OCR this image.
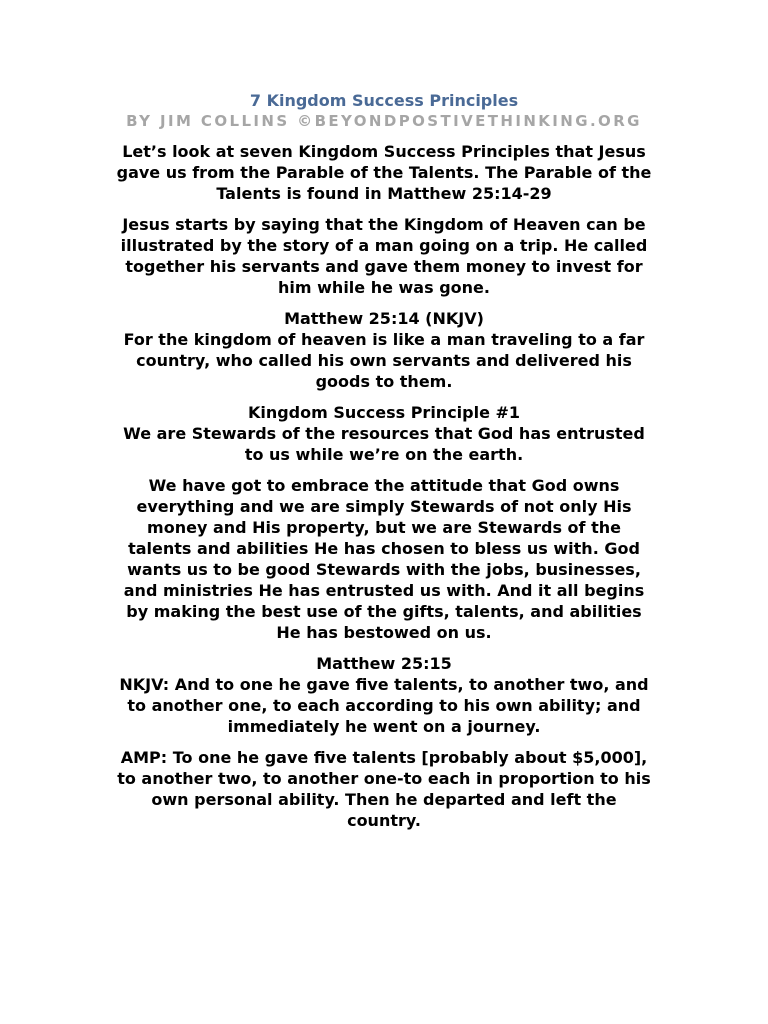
7 Kingdom Success Principles
BY JIM COLLINS ©BEYONDPOSTIVETHINKING.ORG
Let’s look at seven Kingdom Success Principles that Jesus
gave us from the Parable of the Talents. The Parable of the
Talents is found in Matthew 25:14-29
Jesus starts by saying that the Kingdom of Heaven can be
illustrated by the story of a man going on a trip. He called
together his servants and gave them money to invest for
him while he was gone.
Matthew 25:14 (NKJV)
For the kingdom of heaven is like a man traveling to a far
country, who called his own servants and delivered his
goods to them.
Kingdom Success Principle #1
We are Stewards of the resources that God has entrusted
to us while we’re on the earth.
We have got to embrace the attitude that God owns
everything and we are simply Stewards of not only His
money and His property, but we are Stewards of the
talents and abilities He has chosen to bless us with. God
wants us to be good Stewards with the jobs, businesses,
and ministries He has entrusted us with. And it all begins
by making the best use of the gifts, talents, and abilities
He has bestowed on us.
Matthew 25:15
NKJV: And to one he gave five talents, to another two, and
to another one, to each according to his own ability; and
immediately he went on a journey.
AMP: To one he gave five talents [probably about $5,000],
to another two, to another one-to each in proportion to his
own personal ability. Then he departed and left the
country.
